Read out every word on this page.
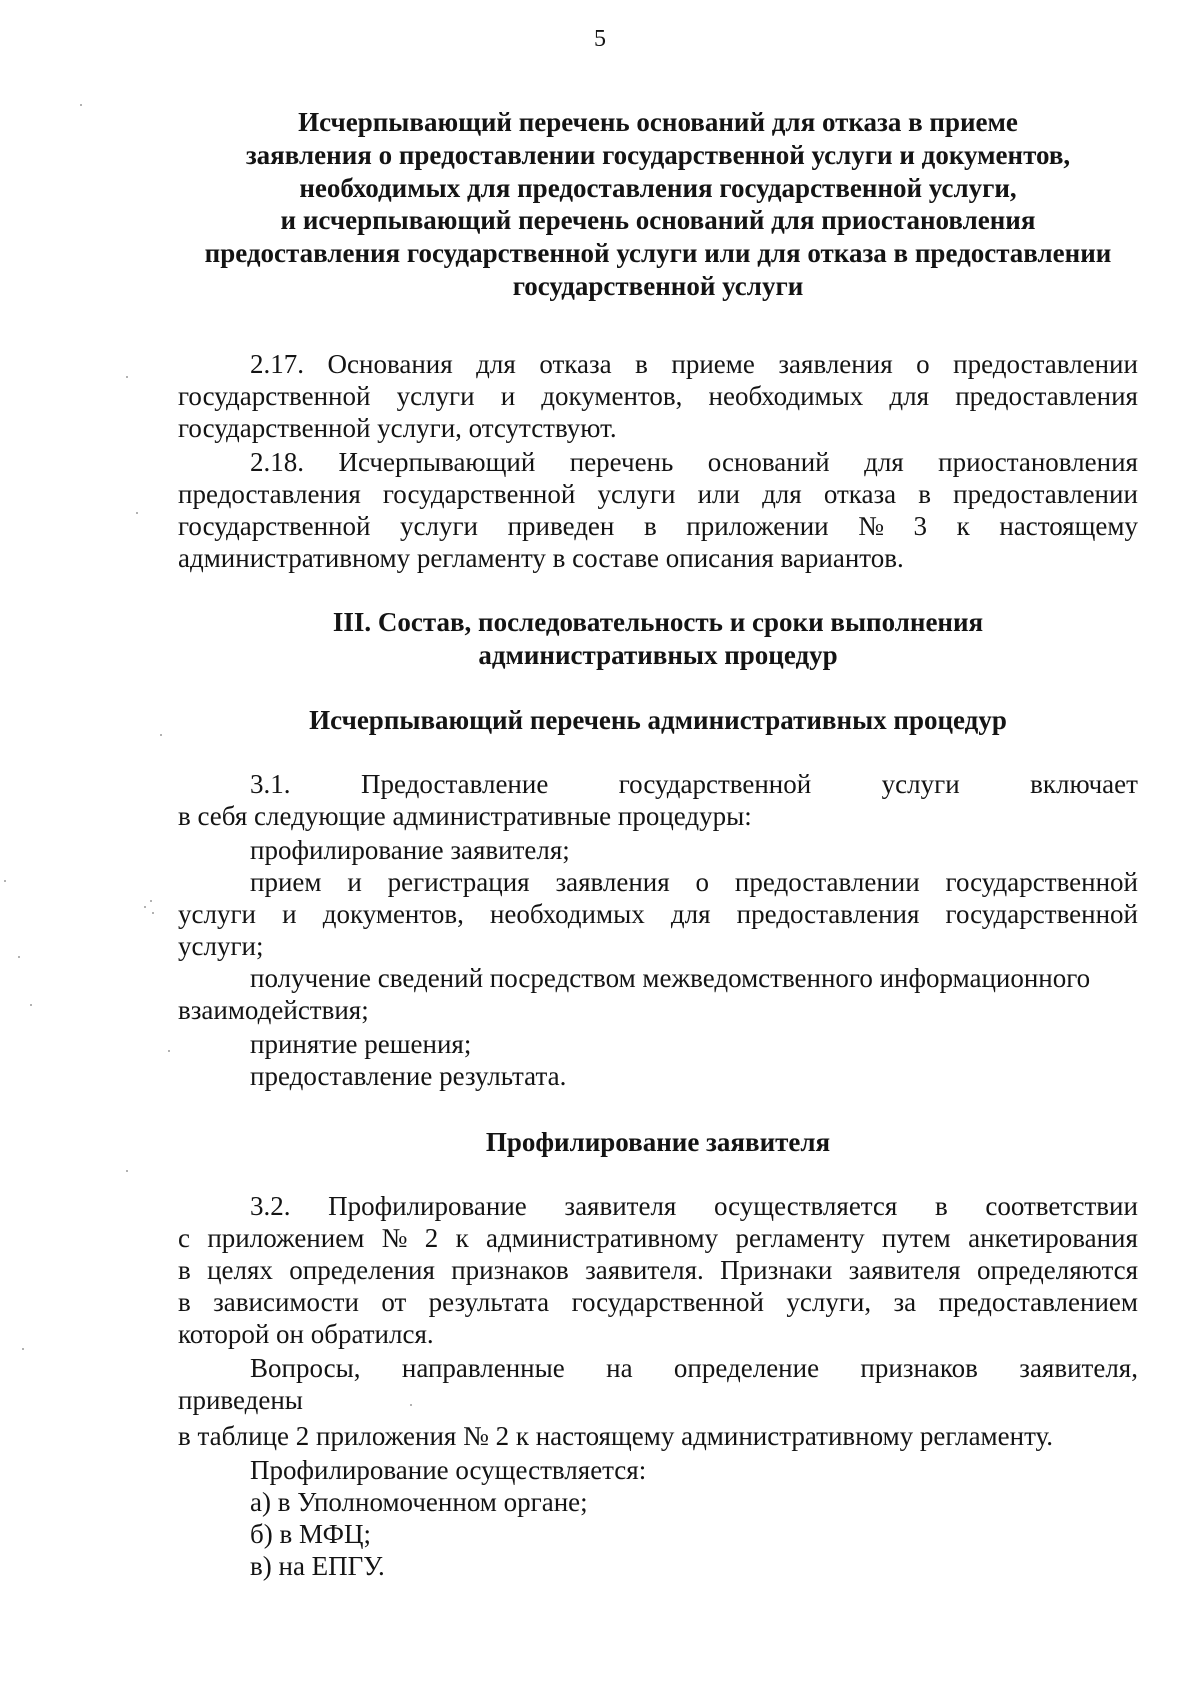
5
Исчерпывающий перечень оснований для отказа в приеме
заявления о предоставлении государственной услуги и документов,
необходимых для предоставления государственной услуги,
и исчерпывающий перечень оснований для приостановления
предоставления государственной услуги или для отказа в предоставлении
государственной услуги
2.17. Основания для отказа в приеме заявления о предоставлении
государственной услуги и документов, необходимых для предоставления
государственной услуги, отсутствуют.
2.18. Исчерпывающий перечень оснований для приостановления
предоставления государственной услуги или для отказа в предоставлении
государственной услуги приведен в приложении № 3 к настоящему
административному регламенту в составе описания вариантов.
III. Состав, последовательность и сроки выполнения
административных процедур
Исчерпывающий перечень административных процедур
3.1.	Предоставление	государственной	услуги	включает
в себя следующие административные процедуры:
профилирование заявителя;
прием и регистрация заявления о предоставлении государственной
услуги и документов, необходимых для предоставления государственной
услуги;
получение сведений посредством межведомственного информационного
взаимодействия;
принятие решения;
предоставление результата.
Профилирование заявителя
3.2. Профилирование заявителя осуществляется в соответствии
с приложением № 2 к административному регламенту путем анкетирования
в целях определения признаков заявителя. Признаки заявителя определяются
в зависимости от результата государственной услуги, за предоставлением
которой он обратился.
Вопросы, направленные на определение признаков заявителя,
приведены
в таблице 2 приложения № 2 к настоящему административному регламенту.
Профилирование осуществляется:
а) в Уполномоченном органе;
б) в МФЦ;
в) на ЕПГУ.
